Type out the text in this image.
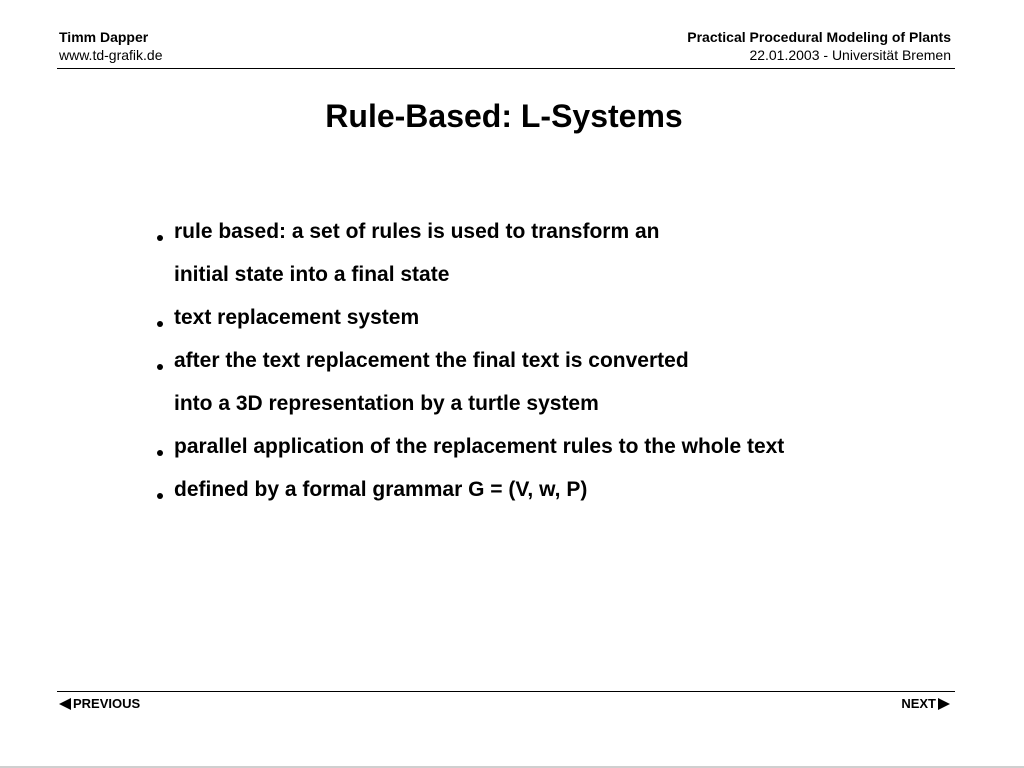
Timm Dapper
www.td-grafik.de
Practical Procedural Modeling of Plants
22.01.2003 - Universität Bremen
Rule-Based: L-Systems
rule based: a set of rules is used to transform an
initial state into a final state
text replacement system
after the text replacement the final text is converted
into a 3D representation by a turtle system
parallel application of the replacement rules to the whole text
defined by a formal grammar G = (V, w, P)
PREVIOUS	NEXT
